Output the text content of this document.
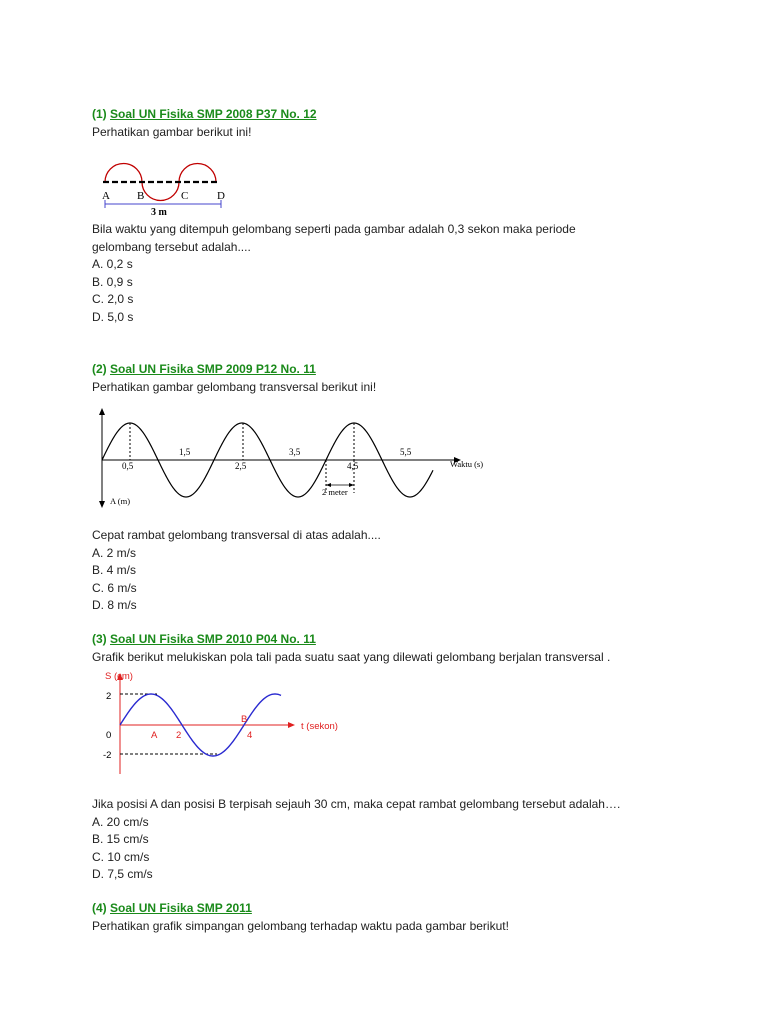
(1) Soal UN Fisika SMP 2008 P37 No. 12
Perhatikan gambar berikut ini!
A B	C	D
3 m
Bila waktu yang ditempuh gelombang seperti pada gambar adalah 0,3 sekon maka periode
gelombang tersebut adalah....
A. 0,2 s
B. 0,9 s
C. 2,0 s
D. 5,0 s
(2) Soal UN Fisika SMP 2009 P12 No. 11
Perhatikan gambar gelombang transversal berikut ini!
1,5	3,5	5,5
0,5	2,5	4,5
2 meter
Waktu (s)
A (m)
Cepat rambat gelombang transversal di atas adalah....
A. 2 m/s
B. 4 m/s
C. 6 m/s
D. 8 m/s
(3) Soal UN Fisika SMP 2010 P04 No. 11
Grafik berikut melukiskan pola tali pada suatu saat yang dilewati gelombang berjalan transversal .
S (cm)
t (sekon)
2
0
-2
A 2	4
B
Jika posisi A dan posisi B terpisah sejauh 30 cm, maka cepat rambat gelombang tersebut adalah….
A. 20 cm/s
B. 15 cm/s
C. 10 cm/s
D. 7,5 cm/s
(4) Soal UN Fisika SMP 2011
Perhatikan grafik simpangan gelombang terhadap waktu pada gambar berikut!
